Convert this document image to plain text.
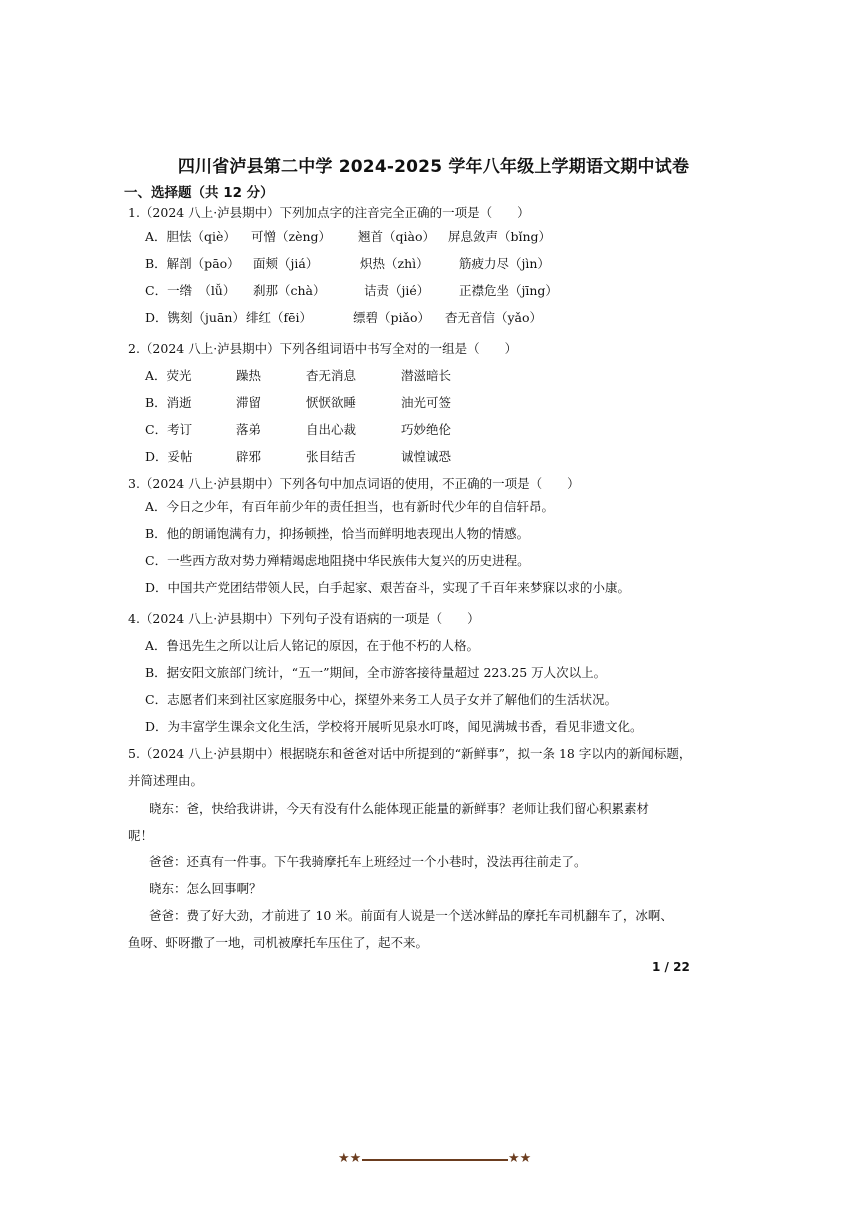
四川省泸县第二中学 2024-2025 学年八年级上学期语文期中试卷
一、选择题（共 12 分）
1.（2024 八上·泸县期中）下列加点字的注音完全正确的一项是（　　）
A．胆怯（qiè） 可憎（zèng） 翘首（qiào） 屏息敛声（bǐng）
B．解剖（pāo） 面颊（jiá）	炽热（zhì） 筋疲力尽（jìn）
C．一绺　（lǚ） 刹那（chà）	诘责（jié） 正襟危坐（jīng）
D．镌刻（juān） 绯红（fēi）	缥碧（piǎo） 杳无音信（yǎo）
2.（2024 八上·泸县期中）下列各组词语中书写全对的一组是（　　）
A．荧光	躁热	杳无消息	潜滋暗长
B．消逝	滞留	恹恹欲睡	油光可签
C．考订	落弟	自出心裁	巧妙绝伦
D．妥帖	辟邪	张目结舌	诚惶诚恐
3.（2024 八上·泸县期中）下列各句中加点词语的使用，不正确的一项是（　　）
A．今日之少年，有百年前少年的责任担当，也有新时代少年的自信轩昂。
B．他的朗诵饱满有力，抑扬顿挫，恰当而鲜明地表现出人物的情感。
C．一些西方敌对势力殚精竭虑地阻挠中华民族伟大复兴的历史进程。
D．中国共产党团结带领人民，白手起家、艰苦奋斗，实现了千百年来梦寐以求的小康。
4.（2024 八上·泸县期中）下列句子没有语病的一项是（　　）
A．鲁迅先生之所以让后人铭记的原因，在于他不朽的人格。
B．据安阳文旅部门统计，“五一”期间，全市游客接待量超过 223.25 万人次以上。
C．志愿者们来到社区家庭服务中心，探望外来务工人员子女并了解他们的生活状况。
D．为丰富学生课余文化生活，学校将开展听见泉水叮咚，闻见满城书香，看见非遗文化。
5.（2024 八上·泸县期中）根据晓东和爸爸对话中所提到的“新鲜事”，拟一条 18 字以内的新闻标题，
并简述理由。
晓东：爸，快给我讲讲，今天有没有什么能体现正能量的新鲜事？老师让我们留心积累素材
呢！
爸爸：还真有一件事。下午我骑摩托车上班经过一个小巷时，没法再往前走了。
晓东：怎么回事啊？
爸爸：费了好大劲，才前进了 10 米。前面有人说是一个送冰鲜品的摩托车司机翻车了，冰啊、
鱼呀、虾呀撒了一地，司机被摩托车压住了，起不来。
1 / 22
★★	★★
